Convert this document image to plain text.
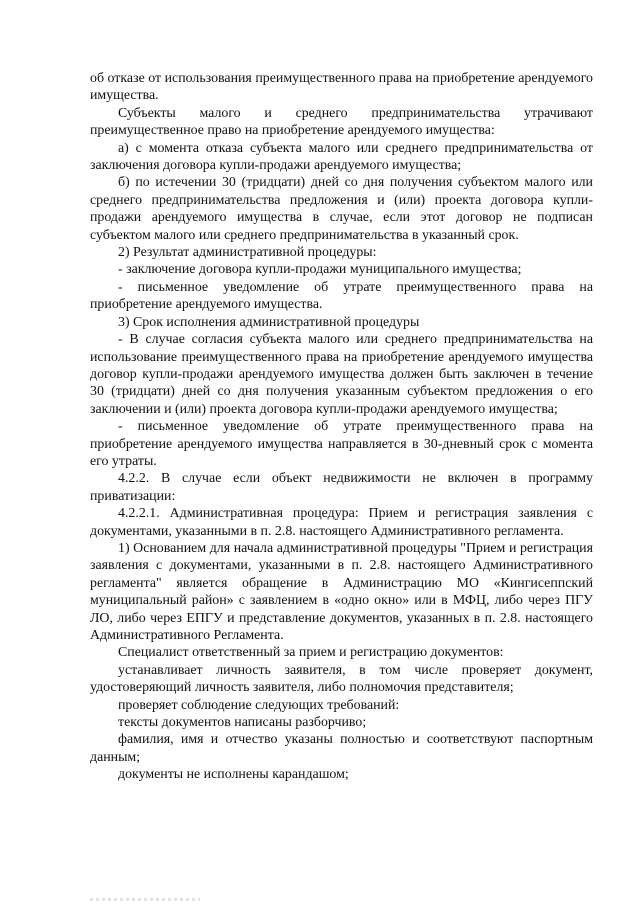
об отказе от использования преимущественного права на приобретение арендуемого имущества.

Субъекты малого и среднего предпринимательства утрачивают преимущественное право на приобретение арендуемого имущества:

а) с момента отказа субъекта малого или среднего предпринимательства от заключения договора купли-продажи арендуемого имущества;

б) по истечении 30 (тридцати) дней со дня получения субъектом малого или среднего предпринимательства предложения и (или) проекта договора купли-продажи арендуемого имущества в случае, если этот договор не подписан субъектом малого или среднего предпринимательства в указанный срок.

2) Результат административной процедуры:

- заключение договора купли-продажи муниципального имущества;

- письменное уведомление об утрате преимущественного права на приобретение арендуемого имущества.

3) Срок исполнения административной процедуры

- В случае согласия субъекта малого или среднего предпринимательства на использование преимущественного права на приобретение арендуемого имущества договор купли-продажи арендуемого имущества должен быть заключен в течение 30 (тридцати) дней со дня получения указанным субъектом предложения о его заключении и (или) проекта договора купли-продажи арендуемого имущества;

- письменное уведомление об утрате преимущественного права на приобретение арендуемого имущества направляется в 30-дневный срок с момента его утраты.

4.2.2. В случае если объект недвижимости не включен в программу приватизации:

4.2.2.1. Административная процедура: Прием и регистрация заявления с документами, указанными в п. 2.8. настоящего Административного регламента.

1) Основанием для начала административной процедуры "Прием и регистрация заявления с документами, указанными в п. 2.8. настоящего Административного регламента" является обращение в Администрацию МО «Кингисеппский муниципальный район» с заявлением в «одно окно» или в МФЦ, либо через ПГУ ЛО, либо через ЕПГУ и представление документов, указанных в п. 2.8. настоящего Административного Регламента.

Специалист ответственный за прием и регистрацию документов:

устанавливает личность заявителя, в том числе проверяет документ, удостоверяющий личность заявителя, либо полномочия представителя;

проверяет соблюдение следующих требований:

тексты документов написаны разборчиво;

фамилия, имя и отчество указаны полностью и соответствуют паспортным данным;

документы не исполнены карандашом;
